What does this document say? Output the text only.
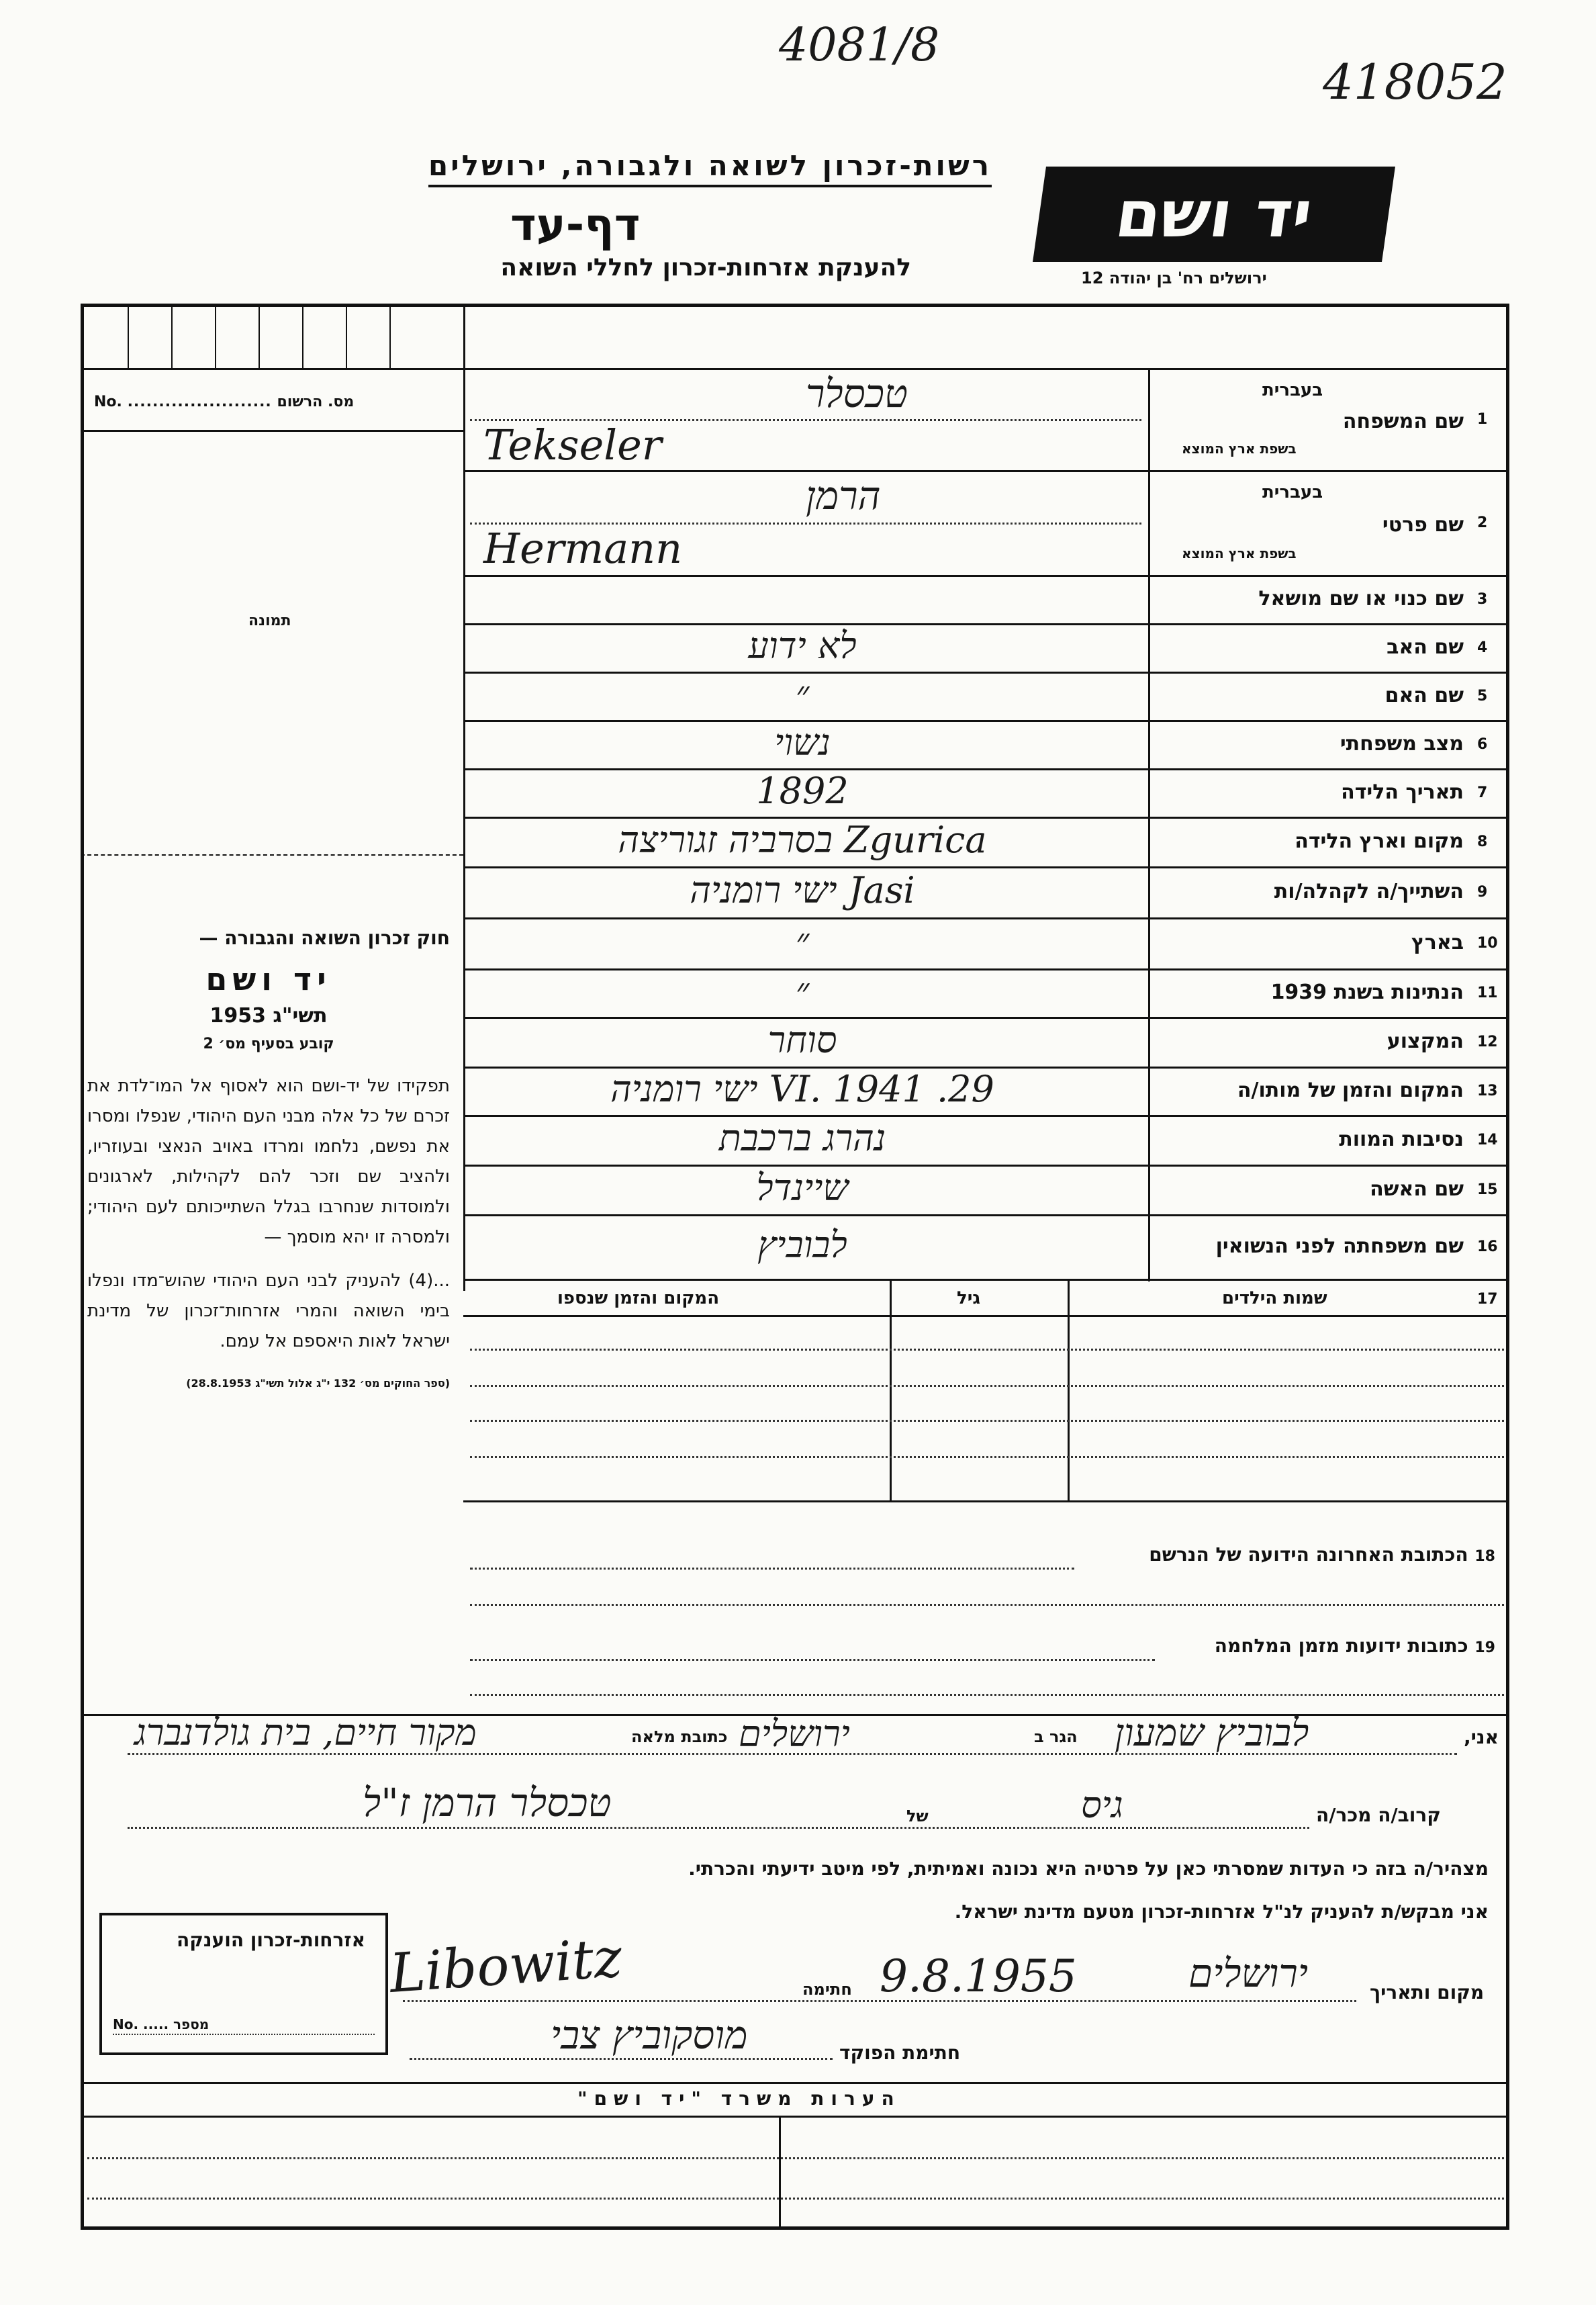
4081/8
418052
רשות-זכרון לשואה ולגבורה, ירושלים
דף-עד
להענקת אזרחות-זכרון לחללי השואה
יד ושם
ירושלים רח' בן יהודה 12
No. ....................... מס. הרשום
תמונה
חוק זכרון השואה והגבורה —
יד ושם
תשי"ג 1953
קובע בסעיף מס׳ 2
תפקידו של יד-ושם הוא לאסוף אל המו־לדת את זכרם של כל אלה מבני העם היהודי, שנפלו ומסרו את נפשם, נלחמו ומרדו באויב הנאצי ובעוזריו, ולהציב שם וזכר להם לקהילות, לארגונים ולמוסדות שנחרבו בגלל השתייכותם לעם היהודי; ולמסרה זו יהא מוסמך —
...(4) להעניק לבני העם היהודי שהוש־מדו ונפלו בימי השואה והמרי אזרחות־זכרון של מדינת ישראל לאות היאספם אל עמם.
(ספר החוקים מס׳ 132 י"ג אלול תשי"ג 28.8.1953)
1
שם המשפחה
בעברית
בשפת ארץ המוצא
טכסלר
Tekseler
2
שם פרטי
בעברית
בשפת ארץ המוצא
הרמן
Hermann
3
שם כנוי או שם מושאל
4
שם האב
לא ידוע
5
שם האם
״
6
מצב משפחתי
נשוי
7
תאריך הלידה
1892
8
מקום וארץ הלידה
Zgurica בסרביה זגוריצה
9
השתייך/ה לקהלה/ות
Jasi ישי רומניה
10
בארץ
״
11
הנתינות בשנת 1939
״
12
המקצוע
סוחר
13
המקום והזמן של מותו/ה
29. VI. 1941 ישי רומניה
14
נסיבות המוות
נהרג ברכבת
15
שם האשה
שיינדל
16
שם משפחתה לפני הנשואין
לבוביץ
שמות הילדים
גיל
המקום והזמן שנספו	17
18 הכתובת האחרונה הידועה של הנרשם
19 כתובות ידועות מזמן המלחמה
אני,
לבוביץ שמעון
הגר ב
ירושלים
כתובת מלאה
מקור חיים, בית גולדנברג
קרוב/ה מכר/ה
גיס
של
טכסלר הרמן ז"ל
מצהיר/ה בזה כי העדות שמסרתי כאן על פרטיה היא נכונה ואמיתית, לפי מיטב ידיעתי והכרתי.
אני מבקש/ת להעניק לנ"ל אזרחות-זכרון מטעם מדינת ישראל.
מקום ותאריך
ירושלים
9.8.1955
חתימה
Libowitz
חתימת הפוקד
מוסקוביץ צבי
אזרחות-זכרון הוענקה
No. ..... מספר
הערות משרד "יד ושם"
